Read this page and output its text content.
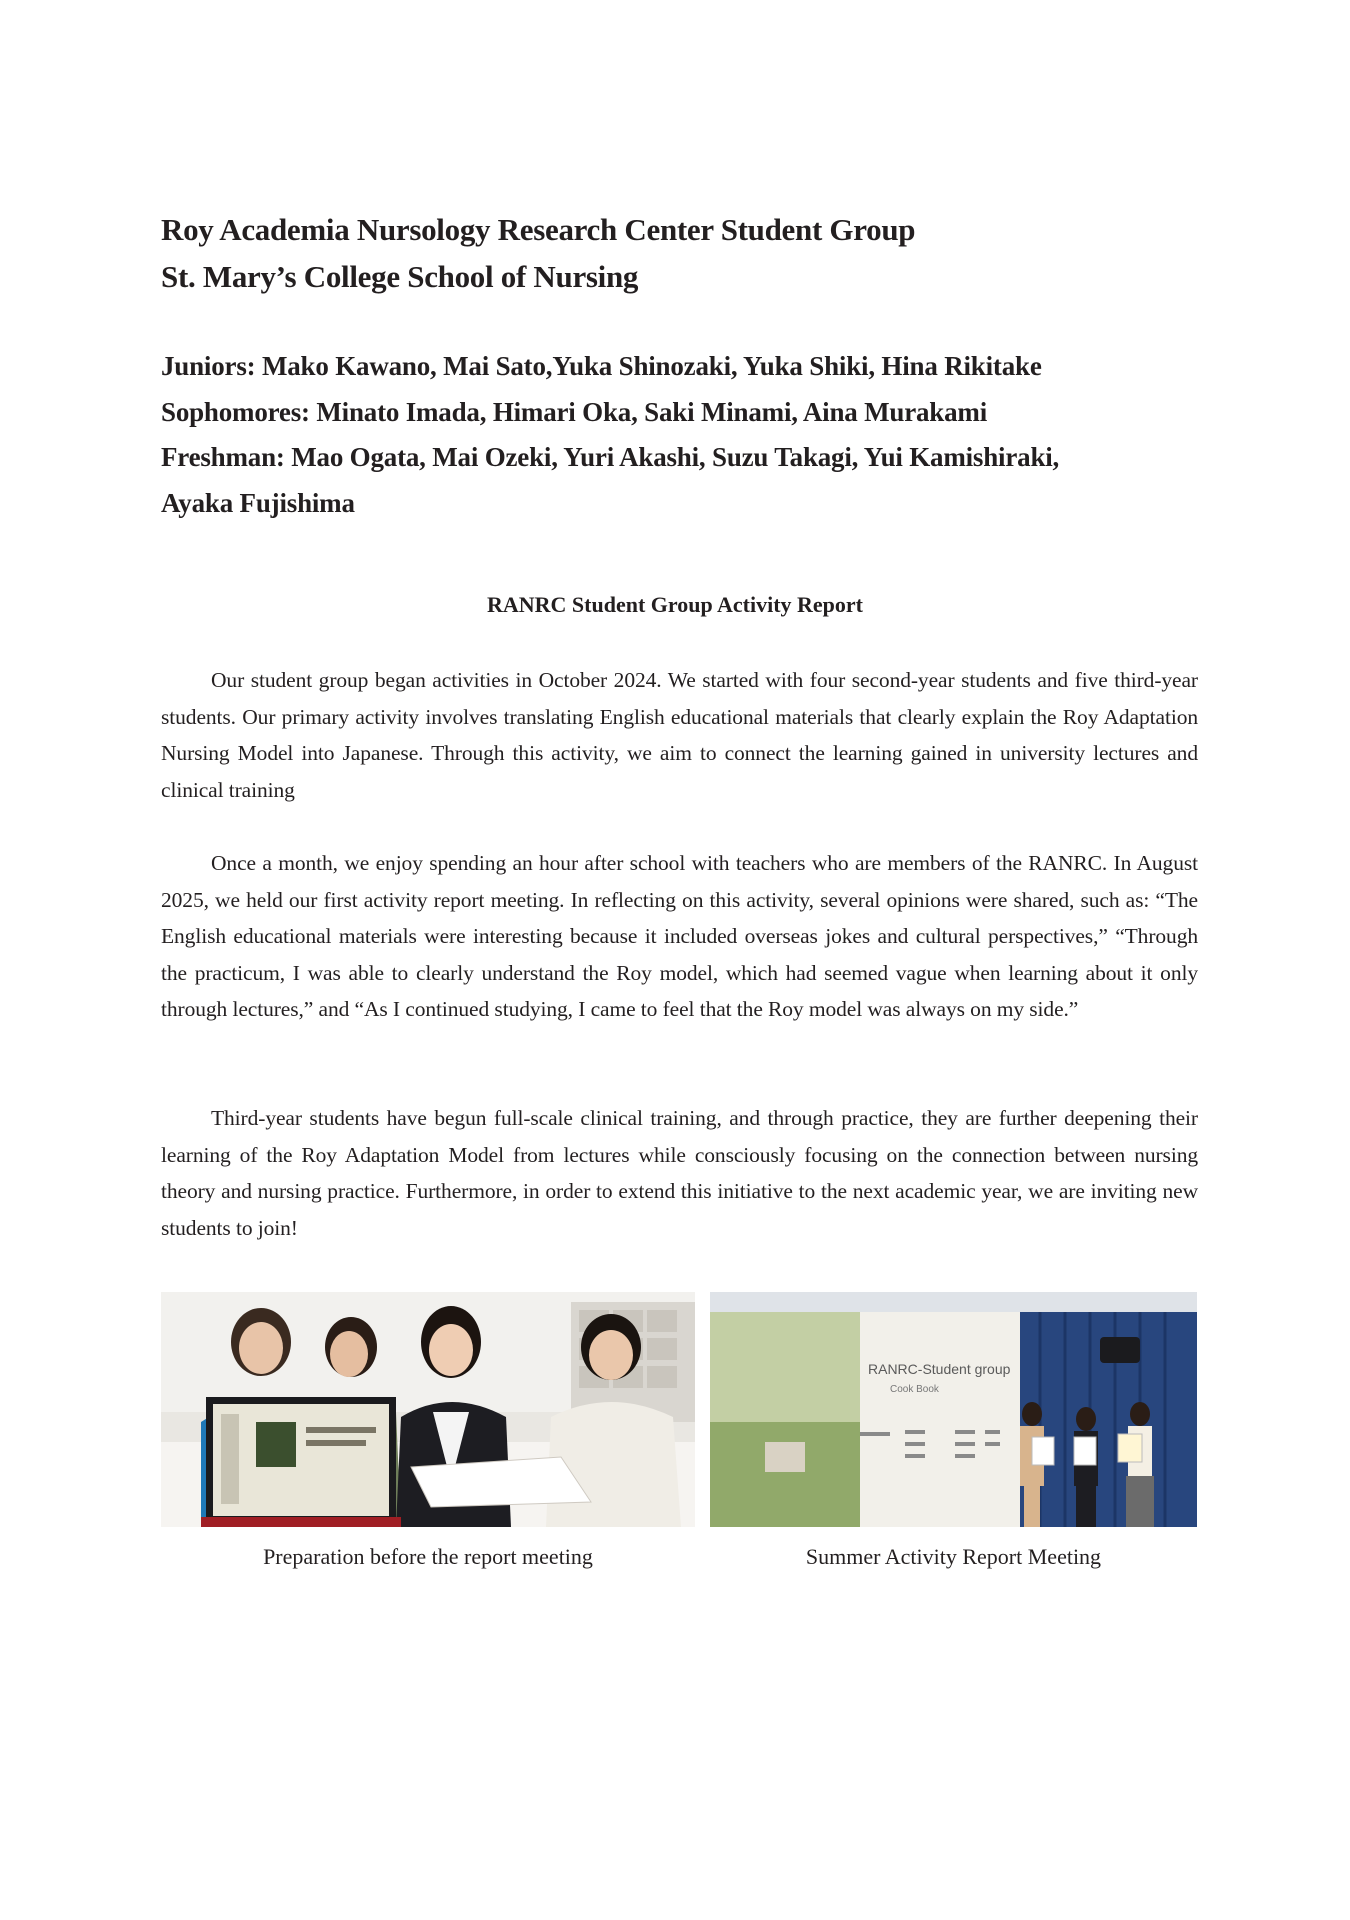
Roy Academia Nursology Research Center Student Group
St. Mary’s College School of Nursing
Juniors: Mako Kawano, Mai Sato,Yuka Shinozaki, Yuka Shiki, Hina Rikitake
Sophomores: Minato Imada, Himari Oka, Saki Minami, Aina Murakami
Freshman: Mao Ogata, Mai Ozeki, Yuri Akashi, Suzu Takagi, Yui Kamishiraki,
Ayaka Fujishima

RANRC Student Group Activity Report

Our student group began activities in October 2024. We started with four second-year students and five third-year students. Our primary activity involves translating English educational materials that clearly explain the Roy Adaptation Nursing Model into Japanese. Through this activity, we aim to connect the learning gained in university lectures and clinical training

Once a month, we enjoy spending an hour after school with teachers who are members of the RANRC. In August 2025, we held our first activity report meeting. In reflecting on this activity, several opinions were shared, such as: “The English educational materials were interesting because it included overseas jokes and cultural perspectives,” “Through the practicum, I was able to clearly understand the Roy model, which had seemed vague when learning about it only through lectures,” and “As I continued studying, I came to feel that the Roy model was always on my side.”

Third-year students have begun full-scale clinical training, and through practice, they are further deepening their learning of the Roy Adaptation Model from lectures while consciously focusing on the connection between nursing theory and nursing practice. Furthermore, in order to extend this initiative to the next academic year, we are inviting new students to join!

RANRC-Student group
Cook Book

Preparation before the report meeting	Summer Activity Report Meeting
